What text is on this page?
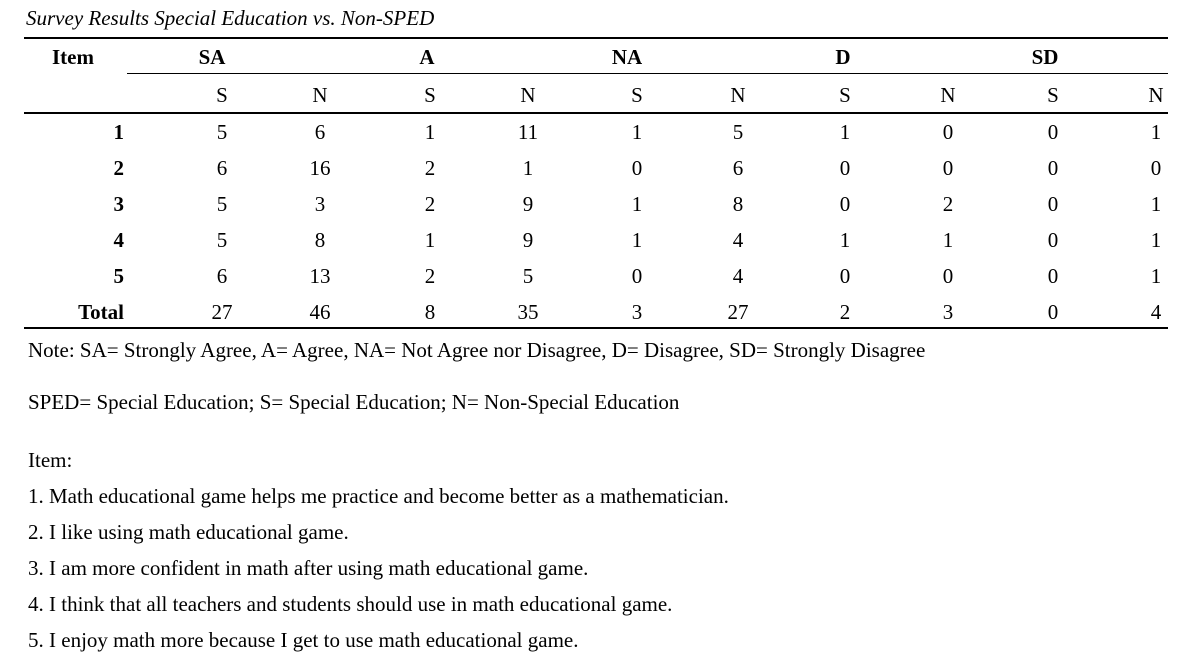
Survey Results Special Education vs. Non-SPED
Item	SA	A	NA	D	SD
S	N	S	N	S	N	S	N	S	N
1	5	6	1	11	1	5	1	0	0	1
2	6	16	2	1	0	6	0	0	0	0
3	5	3	2	9	1	8	0	2	0	1
4	5	8	1	9	1	4	1	1	0	1
5	6	13	2	5	0	4	0	0	0	1
Total	27	46	8	35	3	27	2	3	0	4
Note: SA= Strongly Agree, A= Agree, NA= Not Agree nor Disagree, D= Disagree, SD= Strongly Disagree
SPED= Special Education; S= Special Education; N= Non-Special Education
Item:
1. Math educational game helps me practice and become better as a mathematician.
2. I like using math educational game.
3. I am more confident in math after using math educational game.
4. I think that all teachers and students should use in math educational game.
5. I enjoy math more because I get to use math educational game.
